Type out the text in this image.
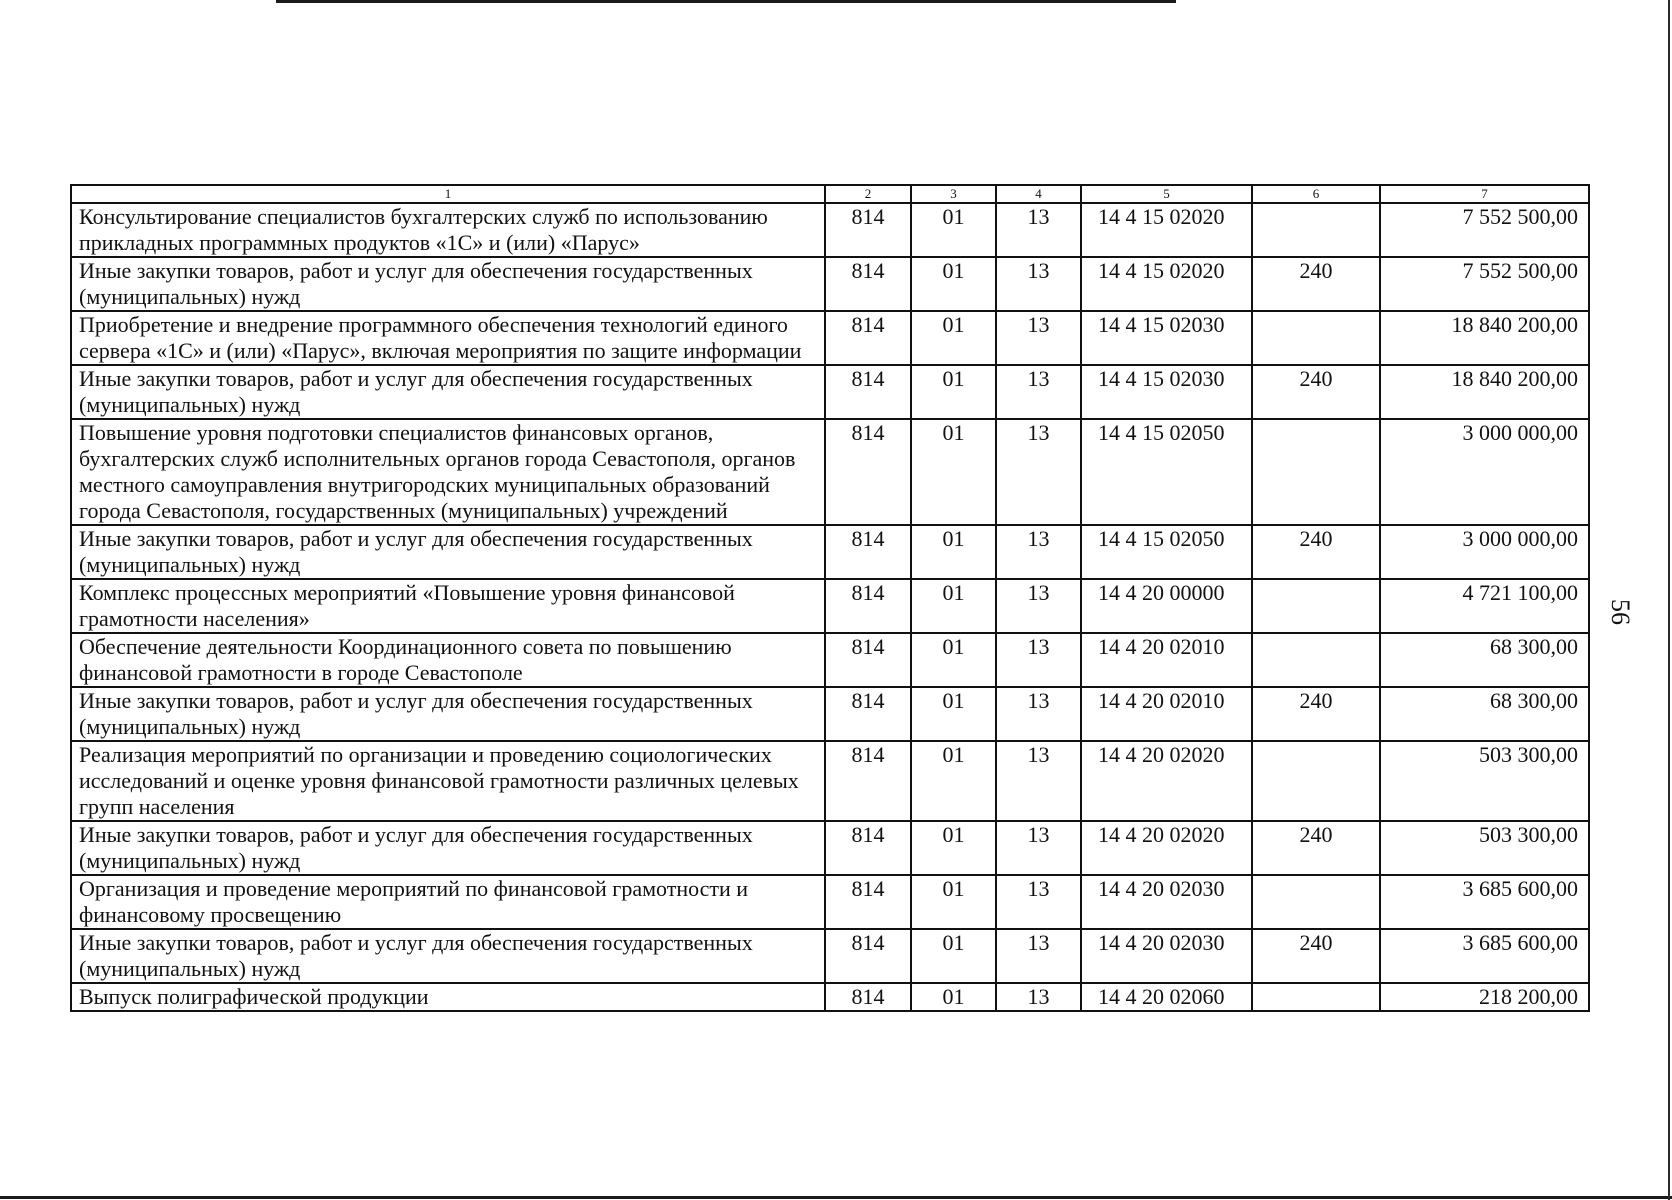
56
1	2	3	4	5	6	7
Консультирование специалистов бухгалтерских служб по использованию прикладных программных продуктов «1С» и (или) «Парус»	814	01	13	14 4 15 02020		7 552 500,00
Иные закупки товаров, работ и услуг для обеспечения государственных (муниципальных) нужд	814	01	13	14 4 15 02020	240	7 552 500,00
Приобретение и внедрение программного обеспечения технологий единого сервера «1С» и (или) «Парус», включая мероприятия по защите информации	814	01	13	14 4 15 02030		18 840 200,00
Иные закупки товаров, работ и услуг для обеспечения государственных (муниципальных) нужд	814	01	13	14 4 15 02030	240	18 840 200,00
Повышение уровня подготовки специалистов финансовых органов, бухгалтерских служб исполнительных органов города Севастополя, органов местного самоуправления внутригородских муниципальных образований города Севастополя, государственных (муниципальных) учреждений	814	01	13	14 4 15 02050		3 000 000,00
Иные закупки товаров, работ и услуг для обеспечения государственных (муниципальных) нужд	814	01	13	14 4 15 02050	240	3 000 000,00
Комплекс процессных мероприятий «Повышение уровня финансовой грамотности населения»	814	01	13	14 4 20 00000		4 721 100,00
Обеспечение деятельности Координационного совета по повышению финансовой грамотности в городе Севастополе	814	01	13	14 4 20 02010		68 300,00
Иные закупки товаров, работ и услуг для обеспечения государственных (муниципальных) нужд	814	01	13	14 4 20 02010	240	68 300,00
Реализация мероприятий по организации и проведению социологических исследований и оценке уровня финансовой грамотности различных целевых групп населения	814	01	13	14 4 20 02020		503 300,00
Иные закупки товаров, работ и услуг для обеспечения государственных (муниципальных) нужд	814	01	13	14 4 20 02020	240	503 300,00
Организация и проведение мероприятий по финансовой грамотности и финансовому просвещению	814	01	13	14 4 20 02030		3 685 600,00
Иные закупки товаров, работ и услуг для обеспечения государственных (муниципальных) нужд	814	01	13	14 4 20 02030	240	3 685 600,00
Выпуск полиграфической продукции	814	01	13	14 4 20 02060		218 200,00
